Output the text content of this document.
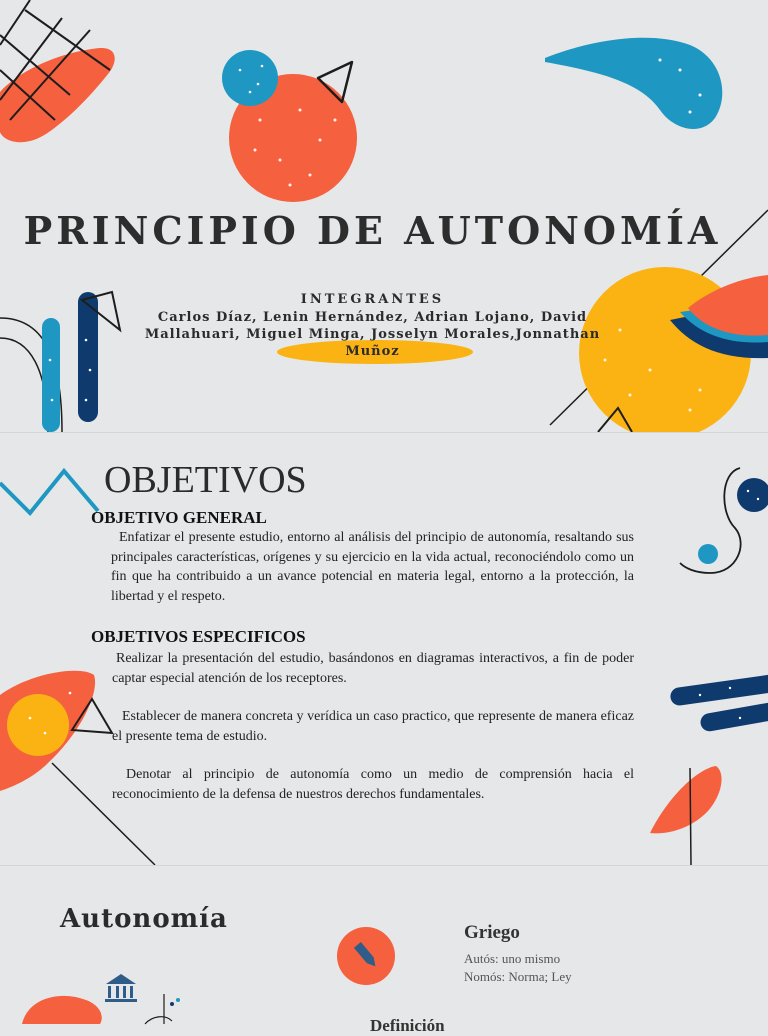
PRINCIPIO DE AUTONOMÍA
INTEGRANTES
Carlos Díaz, Lenin Hernández, Adrian Lojano, David Mallahuari, Miguel Minga, Josselyn Morales,Jonnathan Muñoz
OBJETIVOS
OBJETIVO GENERAL
Enfatizar el presente estudio, entorno al análisis del principio de autonomía, resaltando sus principales características, orígenes y su ejercicio en la vida actual, reconociéndolo como un fin que ha contribuido a un avance potencial en materia legal, entorno a la protección, la libertad y el respeto.
OBJETIVOS ESPECIFICOS
Realizar la presentación del estudio, basándonos en diagramas interactivos, a fin de poder captar especial atención de los receptores.
Establecer de manera concreta y verídica un caso practico, que represente de manera eficaz el presente tema de estudio.
Denotar al principio de autonomía como un medio de comprensión hacia el reconocimiento de la defensa de nuestros derechos fundamentales.
Autonomía	Griego
Autós: uno mismo
Nomós: Norma; Ley
Definición
